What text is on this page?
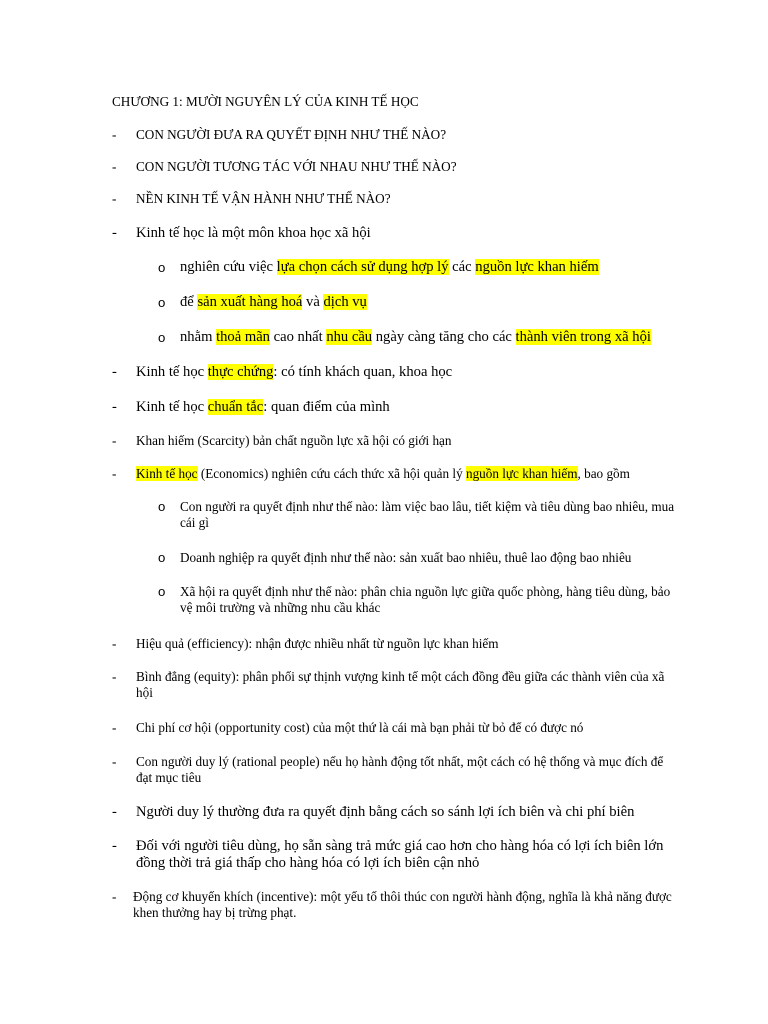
CHƯƠNG 1: MƯỜI NGUYÊN LÝ CỦA KINH TẾ HỌC
- CON NGƯỜI ĐƯA RA QUYẾT ĐỊNH NHƯ THẾ NÀO?
- CON NGƯỜI TƯƠNG TÁC VỚI NHAU NHƯ THẾ NÀO?
- NỀN KINH TẾ VẬN HÀNH NHƯ THẾ NÀO?
- Kinh tế học là một môn khoa học xã hội
o nghiên cứu việc lựa chọn cách sử dụng hợp lý các nguồn lực khan hiếm
o để sản xuất hàng hoá và dịch vụ
o nhằm thoả mãn cao nhất nhu cầu ngày càng tăng cho các thành viên trong xã hội
- Kinh tế học thực chứng: có tính khách quan, khoa học
- Kinh tế học chuẩn tắc: quan điểm của mình
- Khan hiếm (Scarcity) bản chất nguồn lực xã hội có giới hạn
- Kinh tế học (Economics) nghiên cứu cách thức xã hội quản lý nguồn lực khan hiếm, bao gồm
o Con người ra quyết định như thế nào: làm việc bao lâu, tiết kiệm và tiêu dùng bao nhiêu, mua cái gì
o Doanh nghiệp ra quyết định như thế nào: sản xuất bao nhiêu, thuê lao động bao nhiêu
o Xã hội ra quyết định như thế nào: phân chia nguồn lực giữa quốc phòng, hàng tiêu dùng, bảo vệ môi trường và những nhu cầu khác
- Hiệu quả (efficiency): nhận được nhiều nhất từ nguồn lực khan hiếm
- Bình đẳng (equity): phân phối sự thịnh vượng kinh tế một cách đồng đều giữa các thành viên của xã hội
- Chi phí cơ hội (opportunity cost) của một thứ là cái mà bạn phải từ bỏ để có được nó
- Con người duy lý (rational people) nếu họ hành động tốt nhất, một cách có hệ thống và mục đích để đạt mục tiêu
- Người duy lý thường đưa ra quyết định bằng cách so sánh lợi ích biên và chi phí biên
- Đối với người tiêu dùng, họ sẵn sàng trả mức giá cao hơn cho hàng hóa có lợi ích biên lớn đồng thời trả giá thấp cho hàng hóa có lợi ích biên cận nhỏ
- Động cơ khuyến khích (incentive): một yếu tố thôi thúc con người hành động, nghĩa là khả năng được khen thưởng hay bị trừng phạt.
